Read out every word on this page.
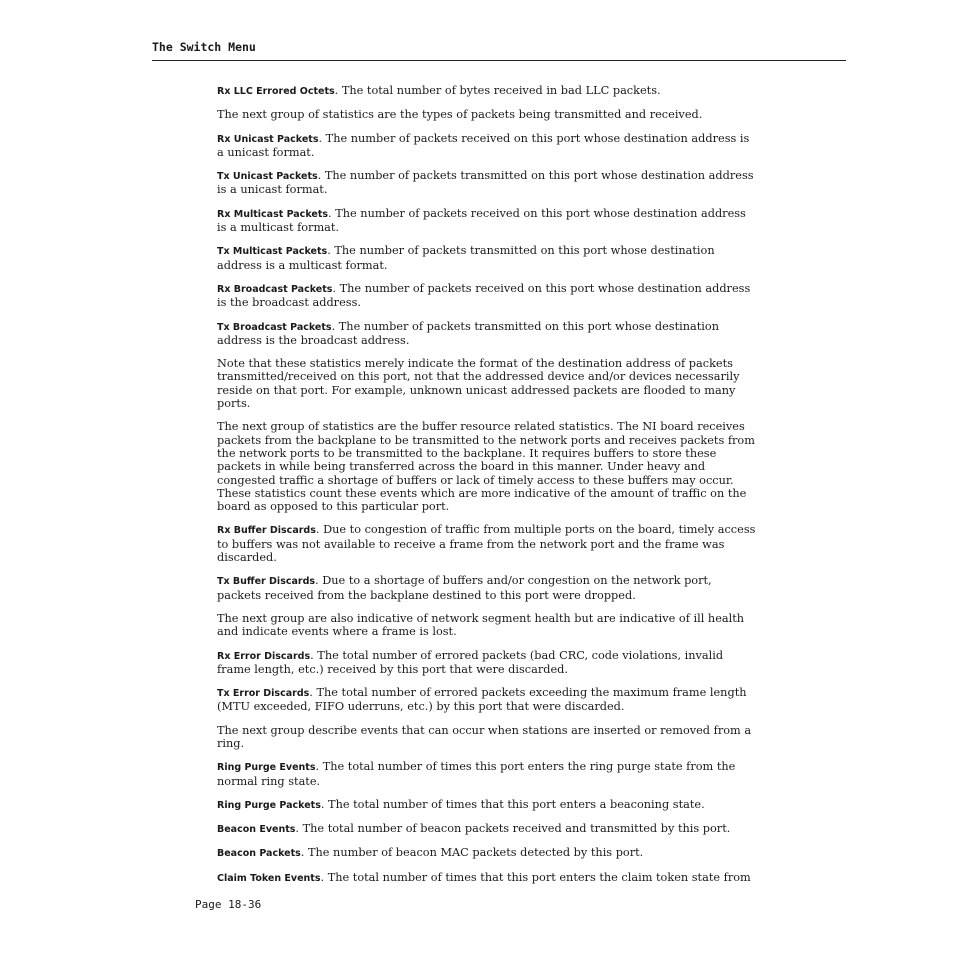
The Switch Menu

Rx LLC Errored Octets. The total number of bytes received in bad LLC packets.

The next group of statistics are the types of packets being transmitted and received.

Rx Unicast Packets. The number of packets received on this port whose destination address is a unicast format.

Tx Unicast Packets. The number of packets transmitted on this port whose destination address is a unicast format.

Rx Multicast Packets. The number of packets received on this port whose destination address is a multicast format.

Tx Multicast Packets. The number of packets transmitted on this port whose destination address is a multicast format.

Rx Broadcast Packets. The number of packets received on this port whose destination address is the broadcast address.

Tx Broadcast Packets. The number of packets transmitted on this port whose destination address is the broadcast address.

Note that these statistics merely indicate the format of the destination address of packets transmitted/received on this port, not that the addressed device and/or devices necessarily reside on that port. For example, unknown unicast addressed packets are flooded to many ports.

The next group of statistics are the buffer resource related statistics. The NI board receives packets from the backplane to be transmitted to the network ports and receives packets from the network ports to be transmitted to the backplane. It requires buffers to store these packets in while being transferred across the board in this manner. Under heavy and congested traffic a shortage of buffers or lack of timely access to these buffers may occur. These statistics count these events which are more indicative of the amount of traffic on the board as opposed to this particular port.

Rx Buffer Discards. Due to congestion of traffic from multiple ports on the board, timely access to buffers was not available to receive a frame from the network port and the frame was discarded.

Tx Buffer Discards. Due to a shortage of buffers and/or congestion on the network port, packets received from the backplane destined to this port were dropped.

The next group are also indicative of network segment health but are indicative of ill health and indicate events where a frame is lost.

Rx Error Discards. The total number of errored packets (bad CRC, code violations, invalid frame length, etc.) received by this port that were discarded.

Tx Error Discards. The total number of errored packets exceeding the maximum frame length (MTU exceeded, FIFO uderruns, etc.) by this port that were discarded.

The next group describe events that can occur when stations are inserted or removed from a ring.

Ring Purge Events. The total number of times this port enters the ring purge state from the normal ring state.

Ring Purge Packets. The total number of times that this port enters a beaconing state.

Beacon Events. The total number of beacon packets received and transmitted by this port.

Beacon Packets. The number of beacon MAC packets detected by this port.

Claim Token Events. The total number of times that this port enters the claim token state from

Page 18-36
